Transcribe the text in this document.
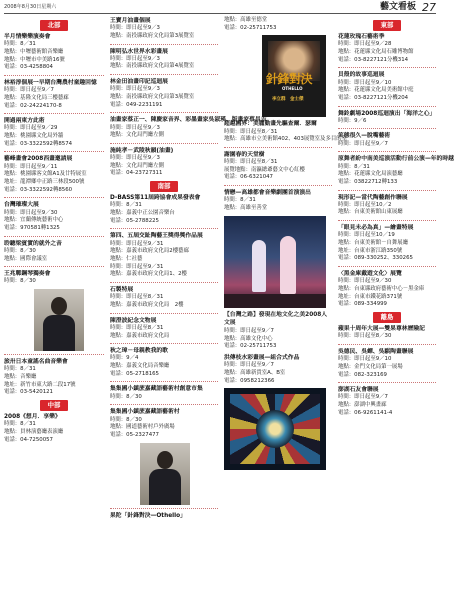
2008年8月30日星期六	藝文看板 27
北部
半月情樂樂演奏會
時間：8／31
地點：中壢藝術館音樂廳
地點：中壢市中美路16號
電話：03-4258804
林裕淳個展一早期台灣農村童趣回憶
時間：即日起至9／7
地點：基隆文化局三樓藝廊
電話：02-24224170-8
開過兩東方此術
時間：即日起至9／29
地點：桃園縣文化局外牆
電話：03-3322592轉8574
藝峰畫會2008西畫邀請展
時間：即日起至9／11
地點：桃園縣客文館A1及廿特展室
地址：龍潭鄉中正路三林段500號
電話：03-3322592轉8560
台灣璀璨大展
時間：即日起至9／30
地點：宜蘭傳統藝術中心
電話：970581轉1325
聆聽梁賓實的就外之音
時間：8／30
地點：國際會議室
王兆鄲鋼琴獨奏會
時間：8／30
旅卅日本童謠名曲音樂會
時間：8／31
地點：音樂廳
地址：新竹市東大路二段17號
電話：03-5420121
中部
2008《想月．享樂》
時間：8／31
地點：員林演藝廳表演廳
電話：04-7250057
王寶月油畫個展
時間：即日起至9／3
地點：南投縣政府文化局第3展覽室
陳明弘水世界水彩畫展
時間：即日起至9／3
地點：南投縣政府文化局第4展覽室
林金田油畫印記巡迴展
時間：即日起至9／3
地點：南投縣政府文化局第3展覽室
電話：049-2231191
油畫家蔡正一、陳慶家音界、彩墨畫家吳淑瑛、版畫家蔡昌吉
時間：即日起至9／3
地點：文化局門廳左側
施純孝－武陵秋韻(油畫)
時間：即日起至9／3
地點：文化局門廳左側
電話：04-23727311
南部
D-BASS第11屆跨協會成果發表會
時間：8／31
地點：嘉義中正公園音樂台
電話：05-2788225
第四、五屆交趾陶藝王獎得獎作品展
時間：即日起至9／31
地點：嘉義市政府文化局2樓藝廊
地點：仁社藝
時間：即日起至9／31
地點：嘉義市政府文化局1、2樓
石製特展
時間：即日起至8／31
地點：嘉義市政府文化局　2樓
陳澄波紀念文物展
時間：即日起至8／31
地點：嘉義市政府文化局
秋之璋－母親教我的歌
時間：9／4
地點：嘉義文化局音樂廳
電話：05-2718165
集集國小鎮蔗嘉藏語藝術村創意市集
時間：8／30
集集國小鎮蔗嘉藏語藝術村
時間：8／30
地點：國道藝術村戶外廣場
電話：05-2327477
果陀「針鋒對決—Othello」
地點：高雄至德堂
電話：02-25711753
針鋒對決
OTHELLO
李立群　金士傑
超越國界：美麗動畫先驅查爾．瑟爾
時間：即日起至8／31
地點：高雄市立美術館402、403展覽室及多目的室
謝園春的天堂樹
時間：即日起至8／31
展覽地點：南瀛總爺藝文中心紅樓
電話：06-6321047
情戀—高雄都會音樂劇團首演演出
時間：8／31
地點：高雄至善堂
【台灣之路】發現在地文化之美2008人文展
時間：即日起至9／7
地點：高雄文化中心
電話：02-25711753
洪傳枝水彩畫展—組合式作品
時間：即日起至9／7
地點：高雄新貴室A、B室
電話：0958212366
東部
花蓮玫瑰石藝術季
時間：即日起至9／28
地點：花蓮縣文化局石雕博物館
電話：03-8227121分機314
貝殼的故事巡迴展
時間：即日起至9／10
地點：花蓮縣文化局美術館中庭
電話：03-8227121分機204
舞鈴劇場2008巡迴演出「海洋之心」
時間：9／6
笑態很久—脫嘴藝術
時間：即日起至9／7
原舞者紛中南美巡演活動行前公演—年的時越
時間：8／31
地點：花蓮縣文化局演藝廳
電話：03822712轉133
現形記—當代陶藝創作聯展
時間：即日起至10／2
地點：台東美術館山東展廳
「眼見未必為真」—繪畫特展
時間：即日起至10／19
地點：台東美術館－自舞展廳
地址：台東市浙江路350號
電話：089-330252、330265
〈黑金庫戴遊文化〉展覽
時間：即日起至9／30
地點：台東縣政府藝術中心－黑金庫
地址：台東市鐵花路371號
電話：089-334999
離島
蘋果十周年大展—雙果尊林歷險記
時間：即日起至8／30
吳德民、吳蟬、吳騏陶畫聯展
時間：即日起至9／10
地點：金門文化局第一展場
電話：082-323169
澎湖石友會聯展
時間：即日起至9／7
地點：澎湖中興畫廊
電話：06-9261141-4
